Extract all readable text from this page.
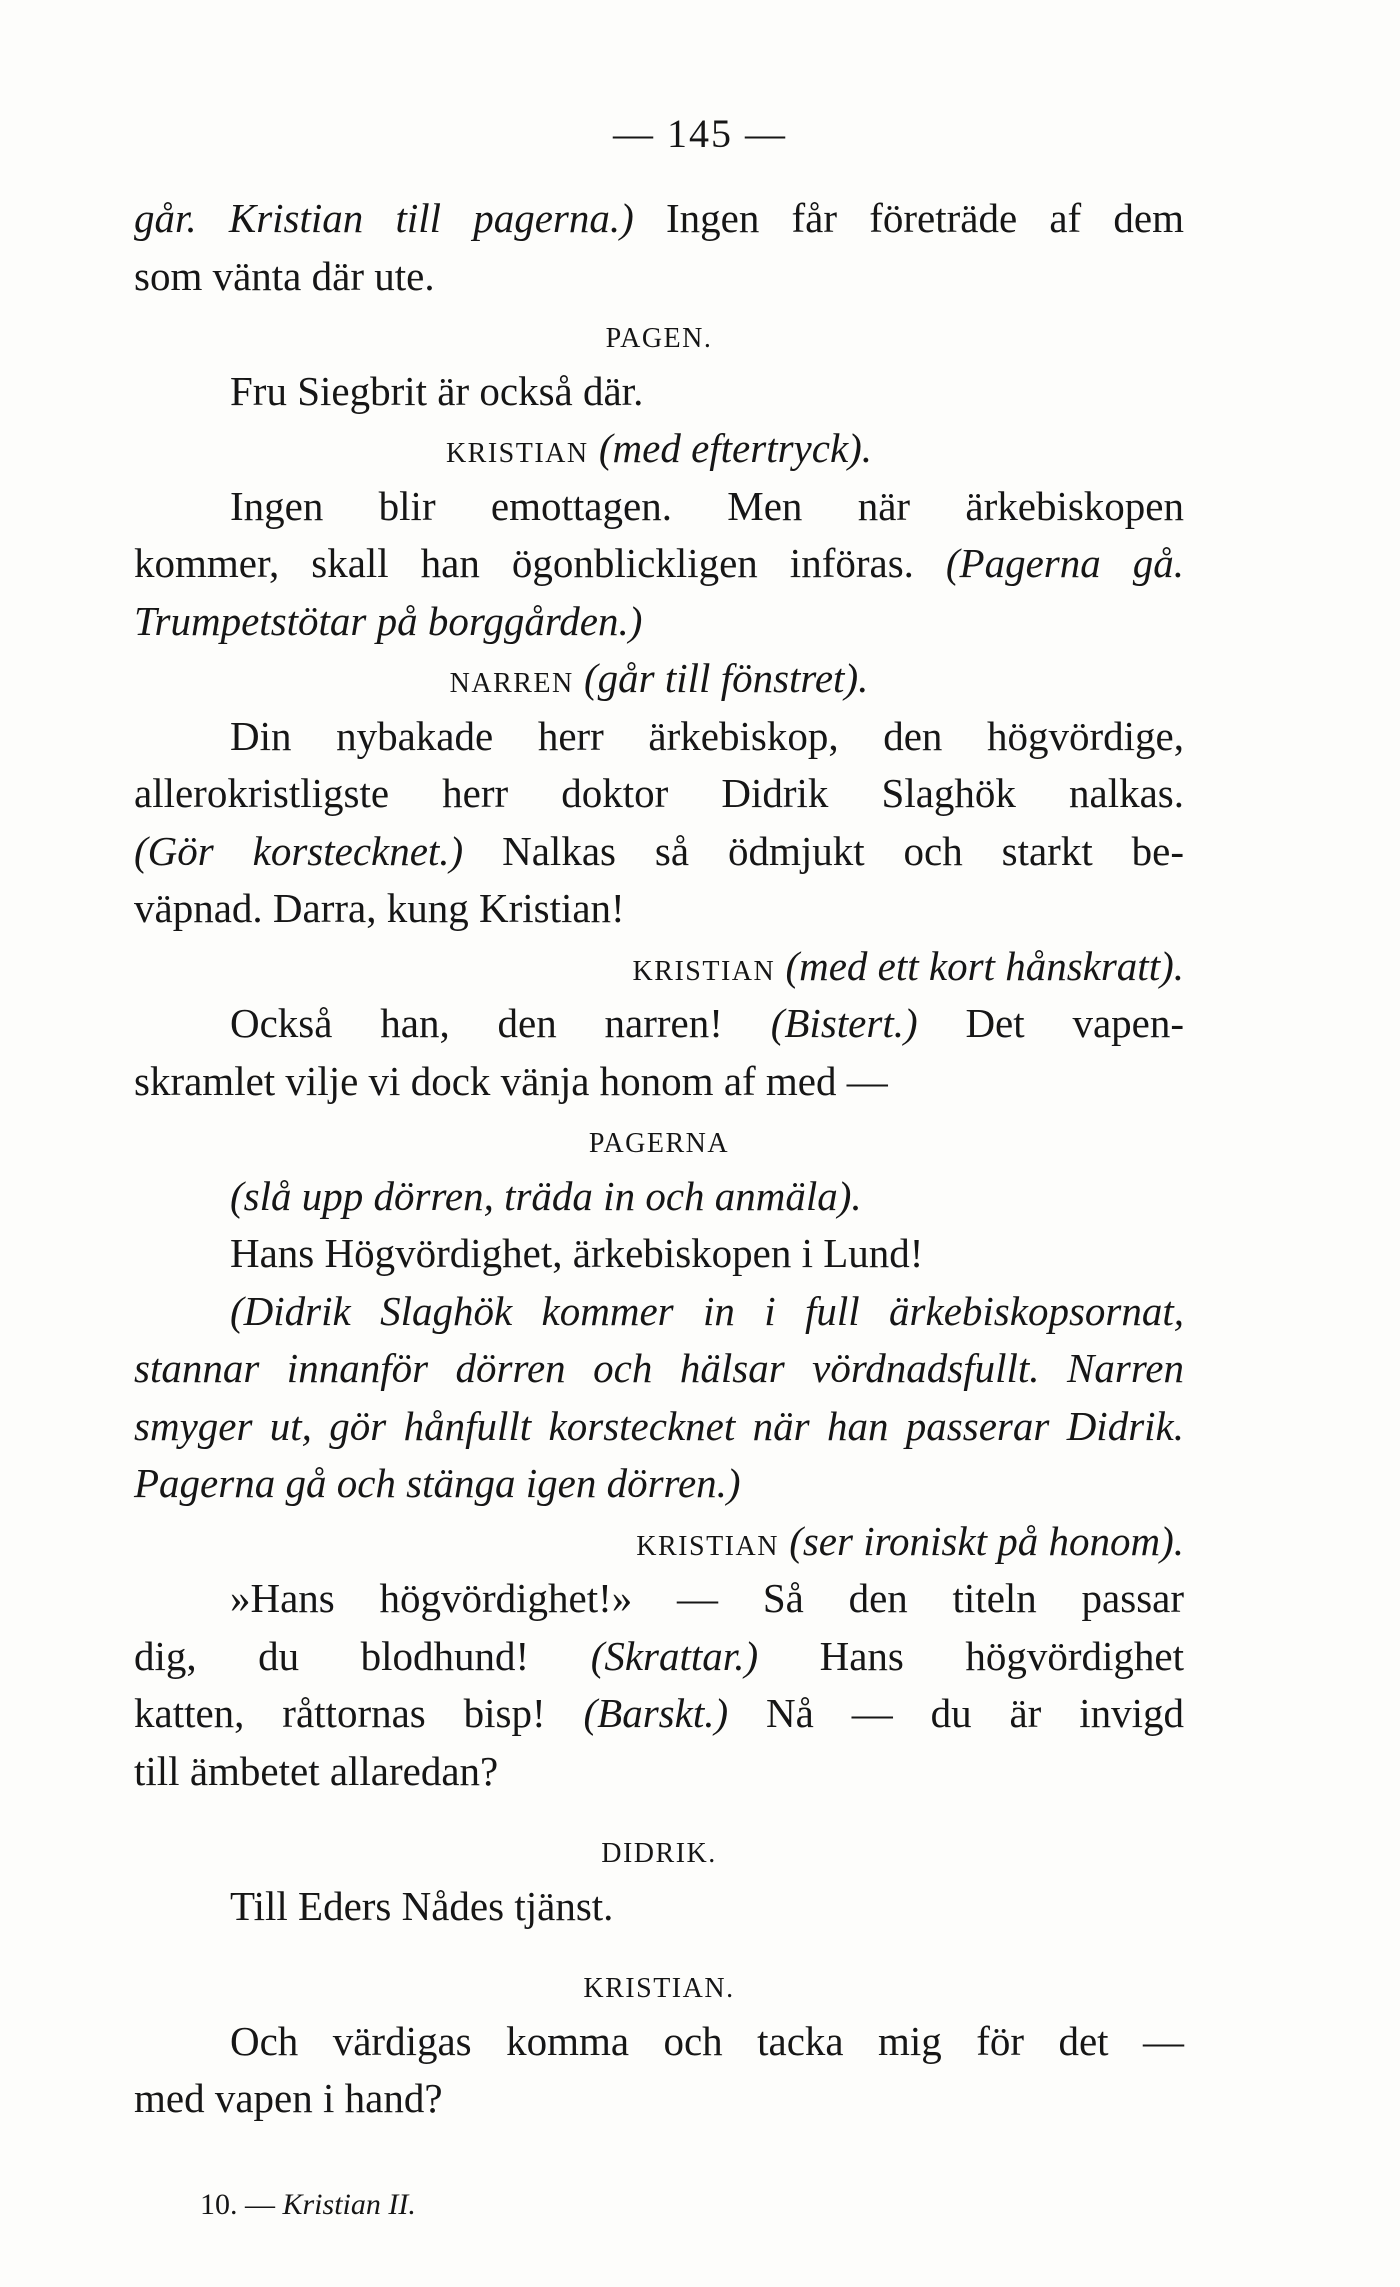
— 145 —
går. Kristian till pagerna.) Ingen får företräde af dem
som vänta där ute.
PAGEN.
Fru Siegbrit är också där.
KRISTIAN (med eftertryck).
Ingen blir emottagen. Men när ärkebiskopen
kommer, skall han ögonblickligen införas. (Pagerna gå.
Trumpetstötar på borggården.)
NARREN (går till fönstret).
Din nybakade herr ärkebiskop, den högvördige,
allerokristligste herr doktor Didrik Slaghök nalkas.
(Gör korstecknet.) Nalkas så ödmjukt och starkt be-
väpnad. Darra, kung Kristian!
KRISTIAN (med ett kort hånskratt).
Också han, den narren! (Bistert.) Det vapen-
skramlet vilje vi dock vänja honom af med —
PAGERNA
(slå upp dörren, träda in och anmäla).
Hans Högvördighet, ärkebiskopen i Lund!
(Didrik Slaghök kommer in i full ärkebiskopsornat,
stannar innanför dörren och hälsar vördnadsfullt. Narren
smyger ut, gör hånfullt korstecknet när han passerar Didrik.
Pagerna gå och stänga igen dörren.)
KRISTIAN (ser ironiskt på honom).
»Hans högvördighet!» — Så den titeln passar
dig, du blodhund! (Skrattar.) Hans högvördighet
katten, råttornas bisp! (Barskt.) Nå — du är invigd
till ämbetet allaredan?
DIDRIK.
Till Eders Nådes tjänst.
KRISTIAN.
Och värdigas komma och tacka mig för det —
med vapen i hand?
10. — Kristian II.
